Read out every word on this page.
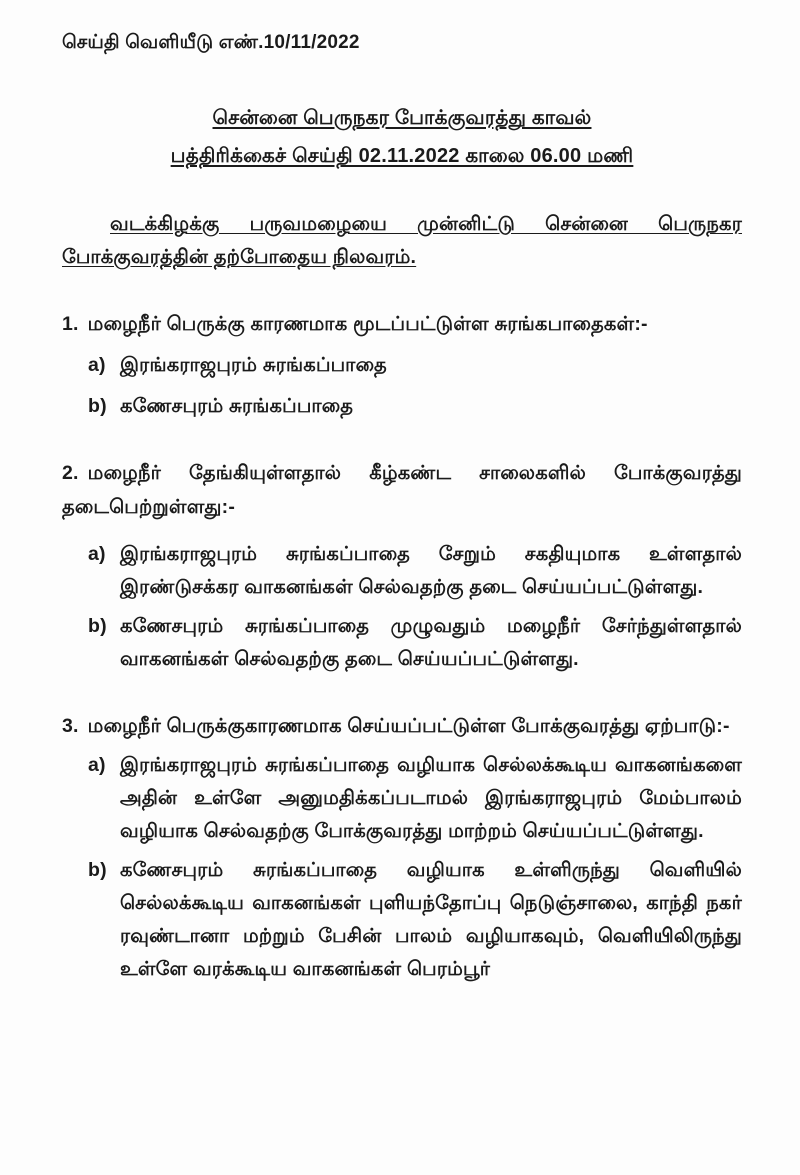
செய்தி வெளியீடு எண்.10/11/2022
சென்னை பெருநகர போக்குவரத்து காவல்
பத்திரிக்கைச் செய்தி 02.11.2022 காலை 06.00 மணி

வடக்கிழக்கு பருவமழையை முன்னிட்டு சென்னை பெருநகர போக்குவரத்தின் தற்போதைய நிலவரம்.

1. மழைநீர் பெருக்கு காரணமாக மூடப்பட்டுள்ள சுரங்கபாதைகள்:-
a) இரங்கராஜபுரம் சுரங்கப்பாதை
b) கணேசபுரம் சுரங்கப்பாதை
2. மழைநீர் தேங்கியுள்ளதால் கீழ்கண்ட சாலைகளில் போக்குவரத்து தடைபெற்றுள்ளது:-
a) இரங்கராஜபுரம் சுரங்கப்பாதை சேறும் சகதியுமாக உள்ளதால் இரண்டுசக்கர வாகனங்கள் செல்வதற்கு தடை செய்யப்பட்டுள்ளது.
b) கணேசபுரம் சுரங்கப்பாதை முழுவதும் மழைநீர் சேர்ந்துள்ளதால் வாகனங்கள் செல்வதற்கு தடை செய்யப்பட்டுள்ளது.
3. மழைநீர் பெருக்குகாரணமாக செய்யப்பட்டுள்ள போக்குவரத்து ஏற்பாடு:-
a) இரங்கராஜபுரம் சுரங்கப்பாதை வழியாக செல்லக்கூடிய வாகனங்களை அதின் உள்ளே அனுமதிக்கப்படாமல் இரங்கராஜபுரம் மேம்பாலம் வழியாக செல்வதற்கு போக்குவரத்து மாற்றம் செய்யப்பட்டுள்ளது.
b) கணேசபுரம் சுரங்கப்பாதை வழியாக உள்ளிருந்து வெளியில் செல்லக்கூடிய வாகனங்கள் புளியந்தோப்பு நெடுஞ்சாலை, காந்தி நகர் ரவுண்டானா மற்றும் பேசின் பாலம் வழியாகவும், வெளியிலிருந்து உள்ளே வரக்கூடிய வாகனங்கள் பெரம்பூர்
